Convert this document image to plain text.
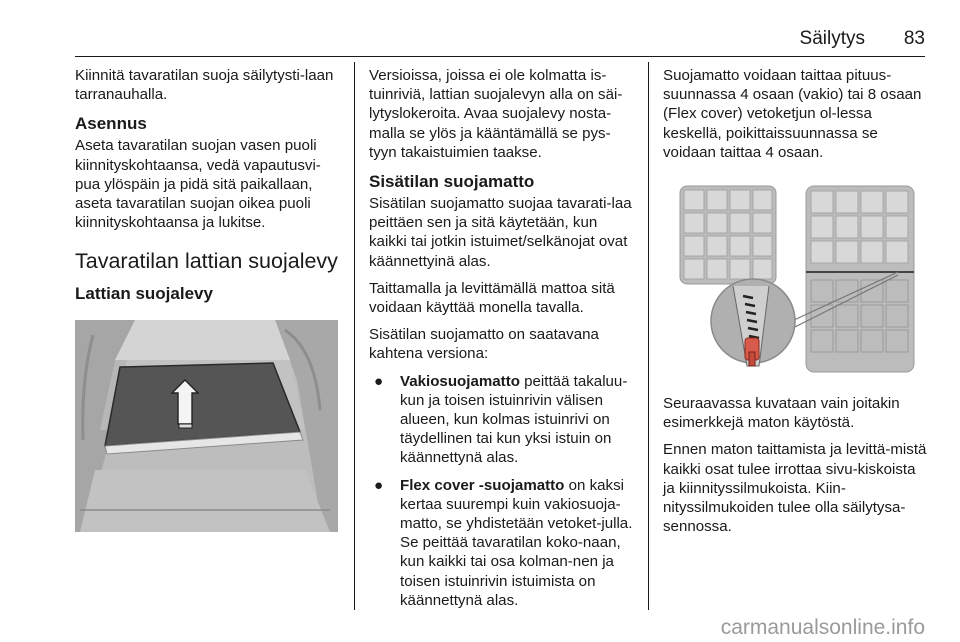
Säilytys 83

Kiinnitä tavaratilan suoja säilytysti-laan tarranauhalla.

Asennus

Aseta tavaratilan suojan vasen puoli kiinnityskohtaansa, vedä vapautusvi-pua ylöspäin ja pidä sitä paikallaan, aseta tavaratilan suojan oikea puoli kiinnityskohtaansa ja lukitse.

Tavaratilan lattian suojalevy
Lattian suojalevy

Versioissa, joissa ei ole kolmatta is-tuinriviä, lattian suojalevyn alla on säi-lytyslokeroita. Avaa suojalevy nosta-malla se ylös ja kääntämällä se pys-tyyn takaistuimien taakse.

Sisätilan suojamatto

Sisätilan suojamatto suojaa tavarati-laa peittäen sen ja sitä käytetään, kun kaikki tai jotkin istuimet/selkänojat ovat käännettyinä alas.

Taittamalla ja levittämällä mattoa sitä voidaan käyttää monella tavalla.

Sisätilan suojamatto on saatavana kahtena versiona:

● Vakiosuojamatto peittää takaluu-kun ja toisen istuinrivin välisen alueen, kun kolmas istuinrivi on täydellinen tai kun yksi istuin on käännettynä alas.
● Flex cover -suojamatto on kaksi kertaa suurempi kuin vakiosuoja-matto, se yhdistetään vetoket-julla. Se peittää tavaratilan koko-naan, kun kaikki tai osa kolman-nen ja toisen istuinrivin istuimista on käännettynä alas.

Suojamatto voidaan taittaa pituus-suunnassa 4 osaan (vakio) tai 8 osaan (Flex cover) vetoketjun ol-lessa keskellä, poikittaissuunnassa se voidaan taittaa 4 osaan.

Seuraavassa kuvataan vain joitakin esimerkkejä maton käytöstä.

Ennen maton taittamista ja levittä-mistä kaikki osat tulee irrottaa sivu-kiskoista ja kiinnityssilmukoista. Kiin-nityssilmukoiden tulee olla säilytysa-sennossa.

carmanualsonline.info
